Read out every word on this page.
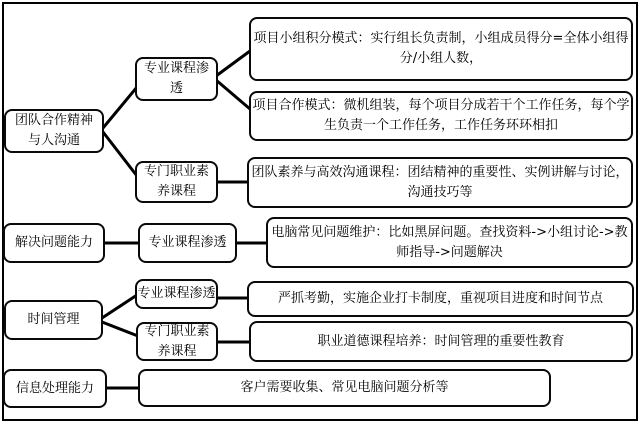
团队合作精神
与人沟通
专业课程渗
透
专门职业素
养课程
项目小组积分模式：实行组长负责制，小组成员得分=全体小组得分/小组人数，
项目合作模式：微机组装，每个项目分成若干个工作任务，每个学生负责一个工作任务，工作任务环环相扣
团队素养与高效沟通课程：团结精神的重要性、实例讲解与讨论，沟通技巧等
解决问题能力	专业课程渗透
电脑常见问题维护：比如黑屏问题。查找资料->小组讨论->教师指导->问题解决
时间管理
专业课程渗透
专门职业素
养课程
严抓考勤，实施企业打卡制度，重视项目进度和时间节点
职业道德课程培养：时间管理的重要性教育
信息处理能力	客户需要收集、常见电脑问题分析等
